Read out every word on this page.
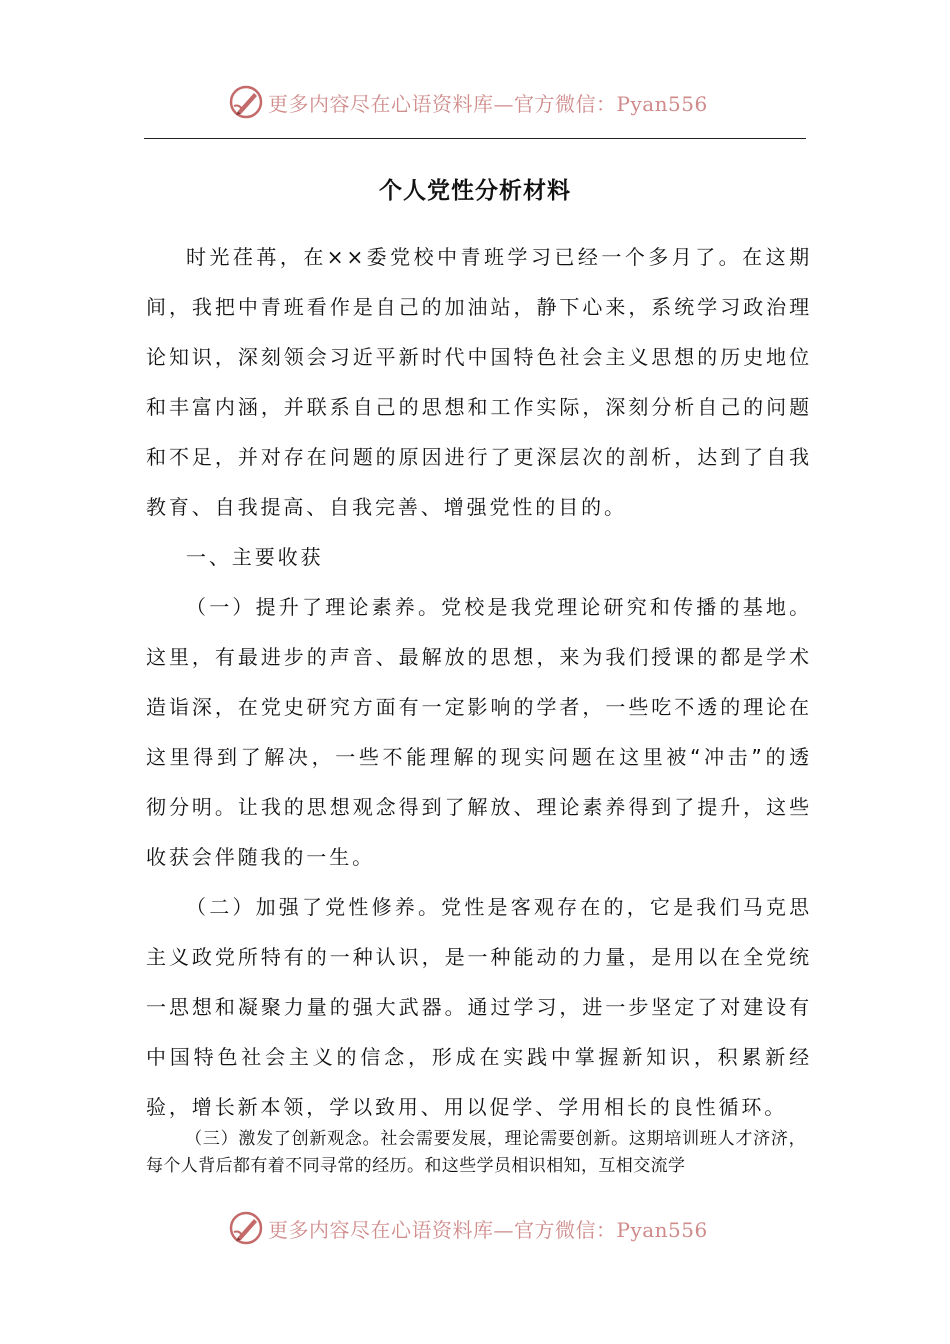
更多内容尽在心语资料库—官方微信：Pyan556
个人党性分析材料

时光荏苒，在××委党校中青班学习已经一个多月了。在这期间，我把中青班看作是自己的加油站，静下心来，系统学习政治理论知识，深刻领会习近平新时代中国特色社会主义思想的历史地位和丰富内涵，并联系自己的思想和工作实际，深刻分析自己的问题和不足，并对存在问题的原因进行了更深层次的剖析，达到了自我教育、自我提高、自我完善、增强党性的目的。

一、主要收获

（一）提升了理论素养。党校是我党理论研究和传播的基地。这里，有最进步的声音、最解放的思想，来为我们授课的都是学术造诣深，在党史研究方面有一定影响的学者，一些吃不透的理论在这里得到了解决，一些不能理解的现实问题在这里被“冲击”的透彻分明。让我的思想观念得到了解放、理论素养得到了提升，这些收获会伴随我的一生。

（二）加强了党性修养。党性是客观存在的，它是我们马克思主义政党所特有的一种认识，是一种能动的力量，是用以在全党统一思想和凝聚力量的强大武器。通过学习，进一步坚定了对建设有中国特色社会主义的信念，形成在实践中掌握新知识，积累新经验，增长新本领，学以致用、用以促学、学用相长的良性循环。

（三）激发了创新观念。社会需要发展，理论需要创新。这期培训班人才济济，每个人背后都有着不同寻常的经历。和这些学员相识相知，互相交流学

更多内容尽在心语资料库—官方微信：Pyan556
